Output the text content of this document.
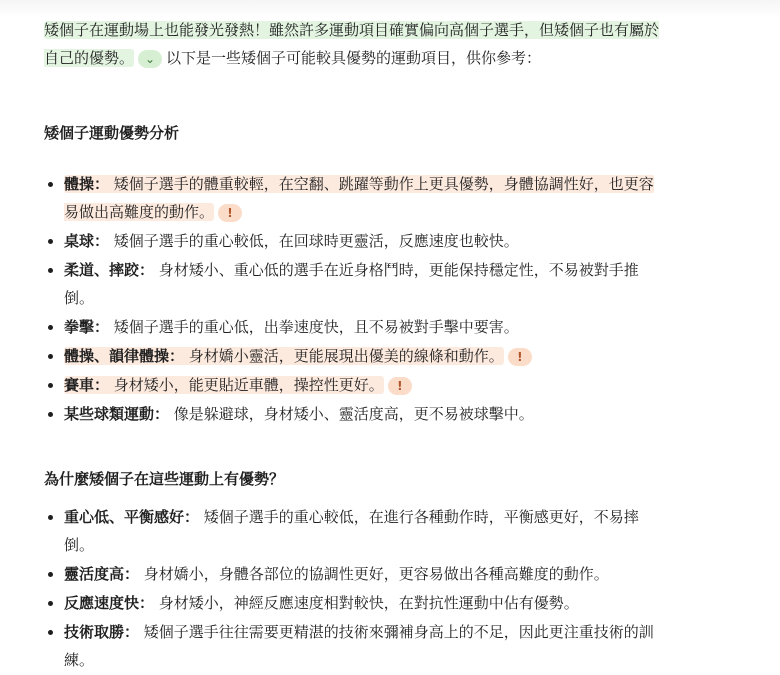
矮個子在運動場上也能發光發熱！雖然許多運動項目確實偏向高個子選手，但矮個子也有屬於自己的優勢。 ⌄ 以下是一些矮個子可能較具優勢的運動項目，供你參考：

矮個子運動優勢分析
體操： 矮個子選手的體重較輕，在空翻、跳躍等動作上更具優勢，身體協調性好，也更容易做出高難度的動作。 !
桌球： 矮個子選手的重心較低，在回球時更靈活，反應速度也較快。
柔道、摔跤： 身材矮小、重心低的選手在近身格鬥時，更能保持穩定性，不易被對手推倒。
拳擊： 矮個子選手的重心低，出拳速度快，且不易被對手擊中要害。
體操、韻律體操： 身材嬌小靈活，更能展現出優美的線條和動作。 !
賽車： 身材矮小，能更貼近車體，操控性更好。 !
某些球類運動： 像是躲避球，身材矮小、靈活度高，更不易被球擊中。
為什麼矮個子在這些運動上有優勢？
重心低、平衡感好： 矮個子選手的重心較低，在進行各種動作時，平衡感更好，不易摔倒。
靈活度高： 身材嬌小，身體各部位的協調性更好，更容易做出各種高難度的動作。
反應速度快： 身材矮小，神經反應速度相對較快，在對抗性運動中佔有優勢。
技術取勝： 矮個子選手往往需要更精湛的技術來彌補身高上的不足，因此更注重技術的訓練。
